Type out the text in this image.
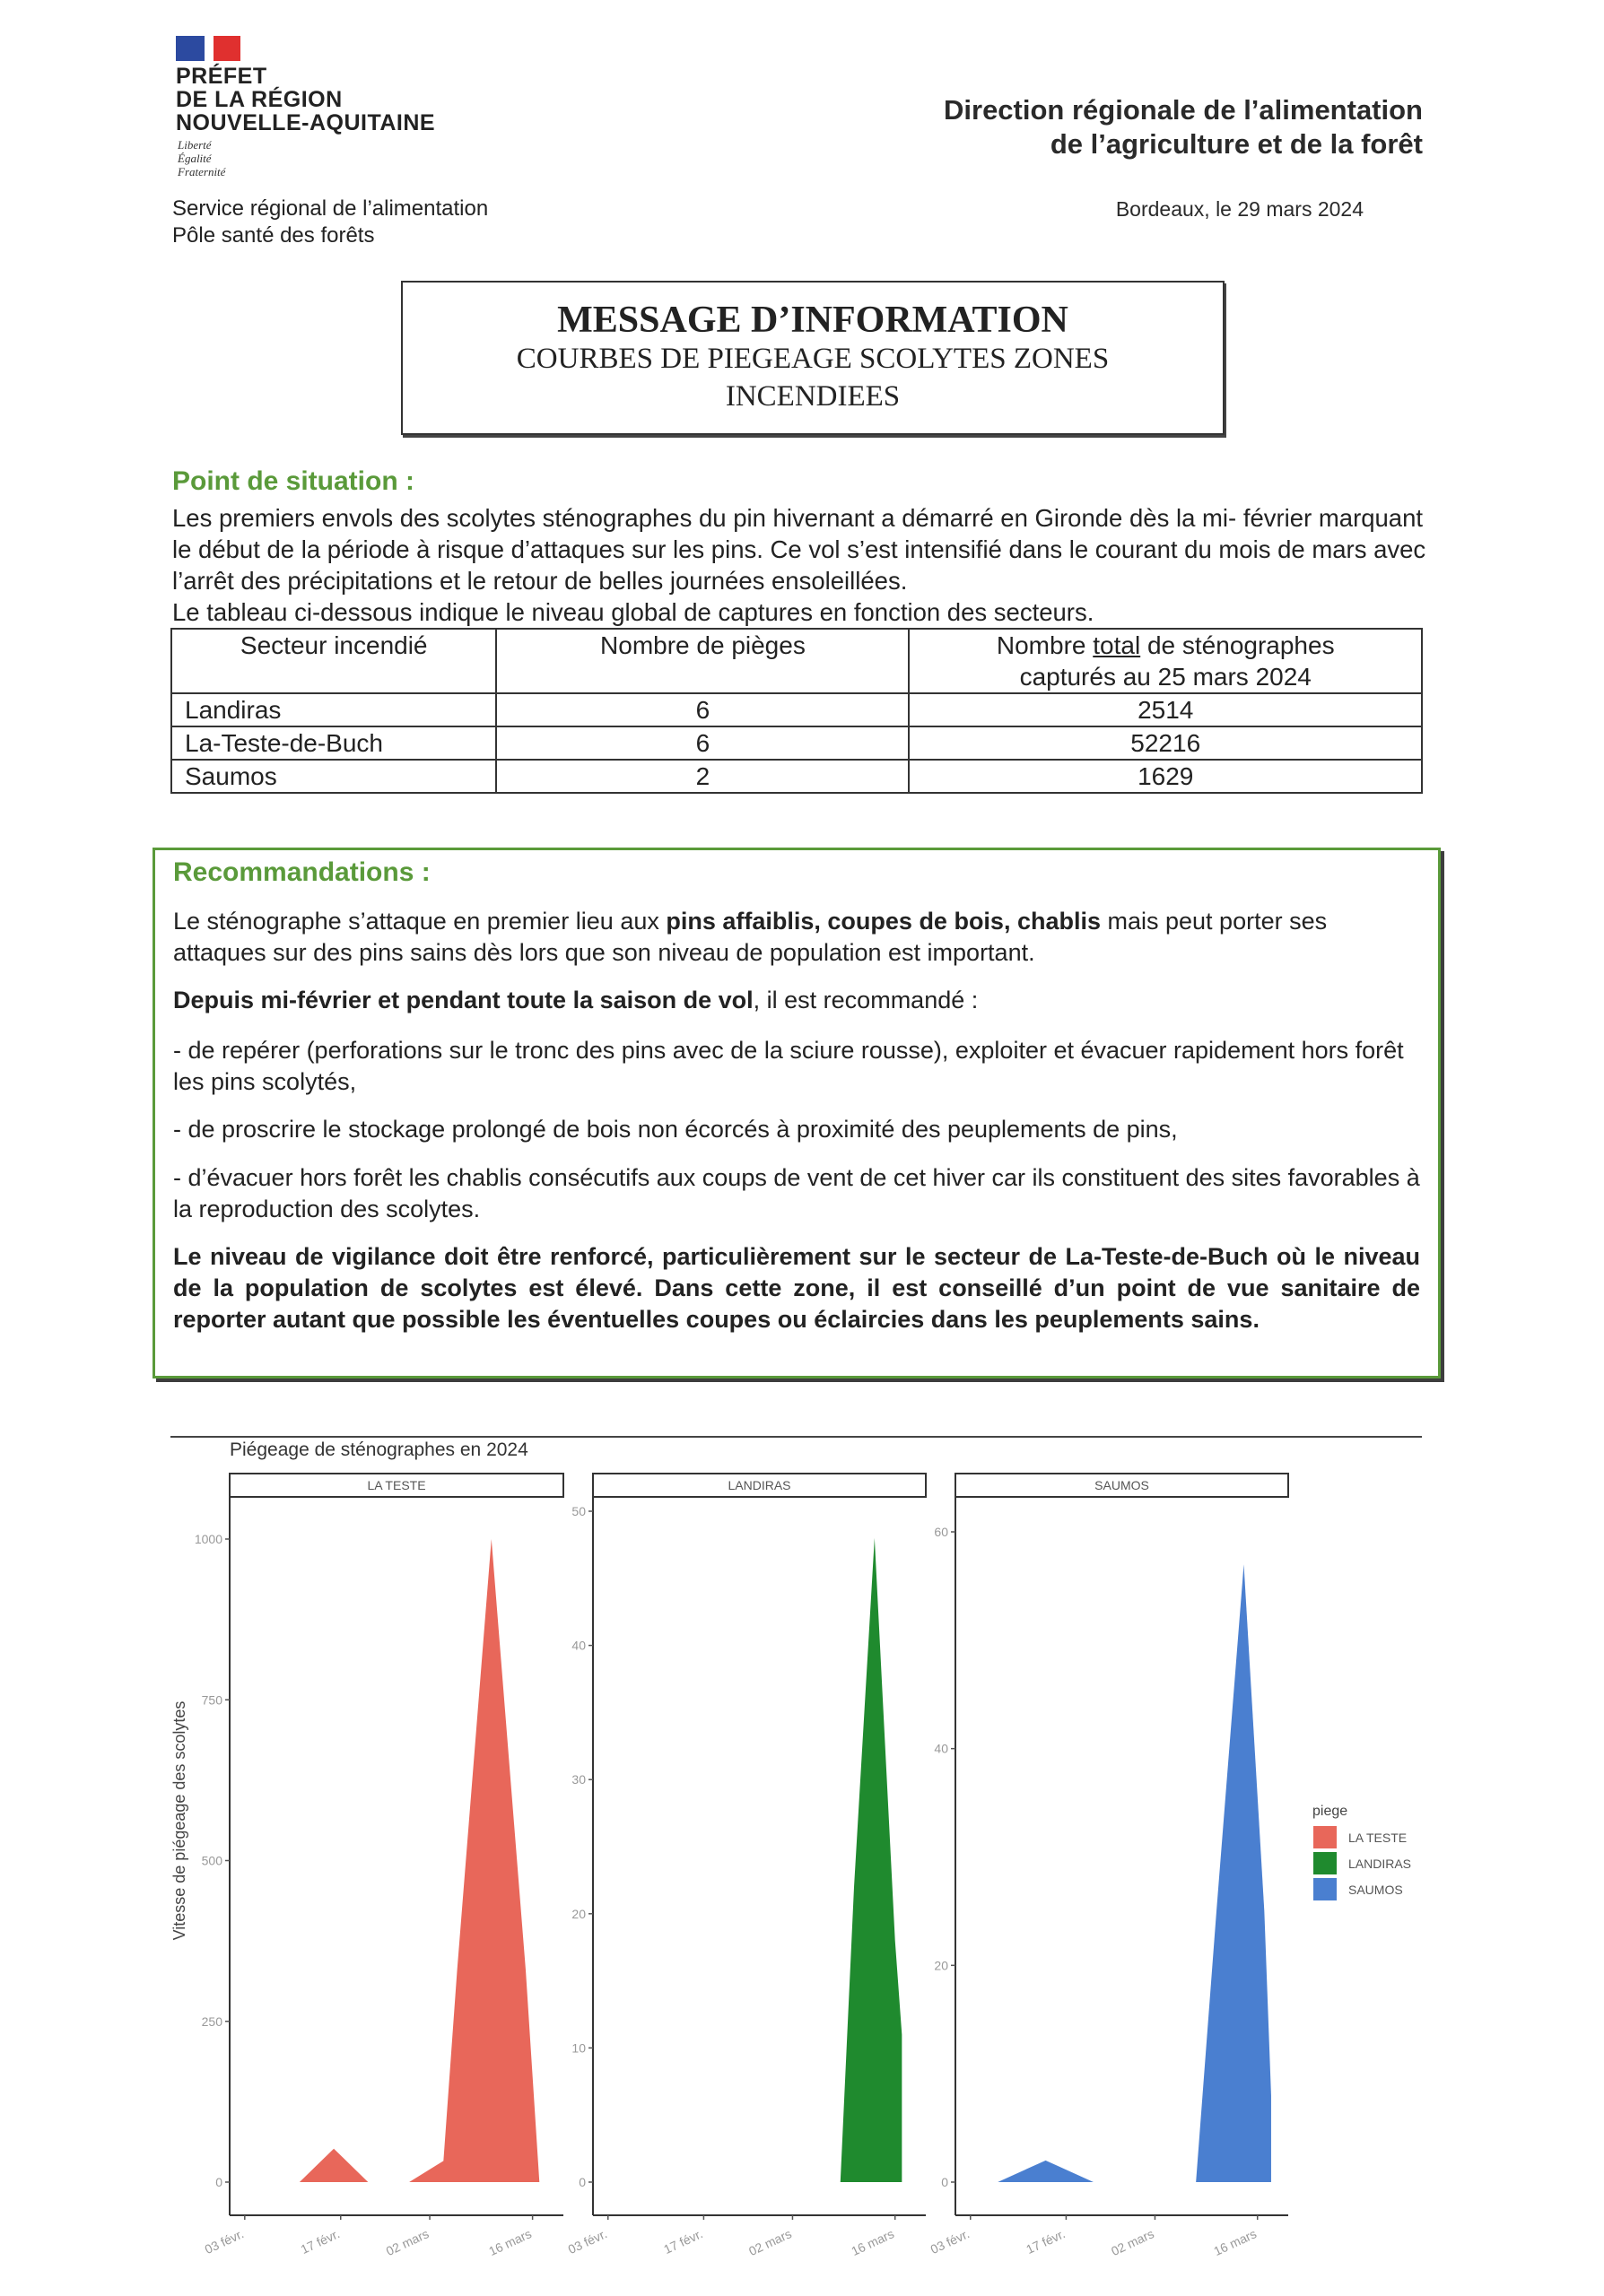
PRÉFET
DE LA RÉGION
NOUVELLE-AQUITAINE
Liberté
Égalité
Fraternité
Service régional de l’alimentation
Pôle santé des forêts
Direction régionale de l’alimentation
de l’agriculture et de la forêt
Bordeaux, le 29 mars 2024
MESSAGE D’INFORMATION
COURBES DE PIEGEAGE SCOLYTES ZONES
INCENDIEES
Point de situation :
Les premiers envols des scolytes sténographes du pin hivernant a démarré en Gironde dès la mi- février marquant le début de la période à risque d’attaques sur les pins. Ce vol s’est intensifié dans le courant du mois de mars avec l’arrêt des précipitations et le retour de belles journées ensoleillées.
Le tableau ci-dessous indique le niveau global de captures en fonction des secteurs.
Secteur incendié	Nombre de pièges	Nombre total de sténographes
capturés au 25 mars 2024
Landiras	6	2514
La-Teste-de-Buch	6	52216
Saumos	2	1629
Recommandations :

Le sténographe s’attaque en premier lieu aux pins affaiblis, coupes de bois, chablis mais peut porter ses attaques sur des pins sains dès lors que son niveau de population est important.

Depuis mi-février et pendant toute la saison de vol, il est recommandé :

- de repérer (perforations sur le tronc des pins avec de la sciure rousse), exploiter et évacuer rapidement hors forêt les pins scolytés,

- de proscrire le stockage prolongé de bois non écorcés à proximité des peuplements de pins,

- d’évacuer hors forêt les chablis consécutifs aux coups de vent de cet hiver car ils constituent des sites favorables à la reproduction des scolytes.

Le niveau de vigilance doit être renforcé, particulièrement sur le secteur de La-Teste-de-Buch où le niveau de la population de scolytes est élevé. Dans cette zone, il est conseillé d’un point de vue sanitaire de reporter autant que possible les éventuelles coupes ou éclaircies dans les peuplements sains.

Piégeage de sténographes en 2024
LA TESTE
0
250
500
750
1000
03 févr.	17 févr.	02 mars	16 mars
LANDIRAS
0
10
20
30
40
50
03 févr.	17 févr.	02 mars	16 mars
SAUMOS
0
20
40
60
03 févr.	17 févr.	02 mars	16 mars
Vitesse de piégeage des scolytes	piege
LA TESTE
LANDIRAS
SAUMOS
